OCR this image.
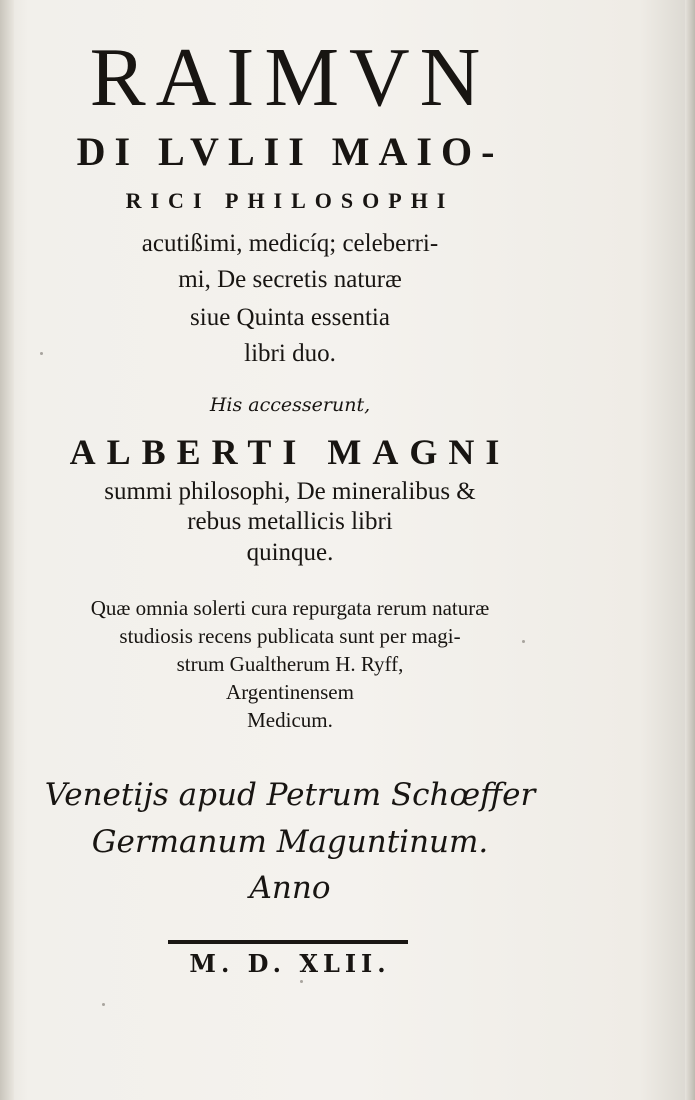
RAIMVN
DI LVLII MAIO-
RICI PHILOSOPHI
acutißimi, medicíq; celeberri-
mi, De secretis naturæ
siue Quinta essentia
libri duo.
His accesserunt,
ALBERTI MAGNI
summi philosophi, De mineralibus &
rebus metallicis libri
quinque.
Quæ omnia solerti cura repurgata rerum naturæ
studiosis recens publicata sunt per magi-
strum Gualtherum H. Ryff,
Argentinensem
Medicum.
Venetijs apud Petrum Schœffer
Germanum Maguntinum.
Anno
M. D. XLII.
